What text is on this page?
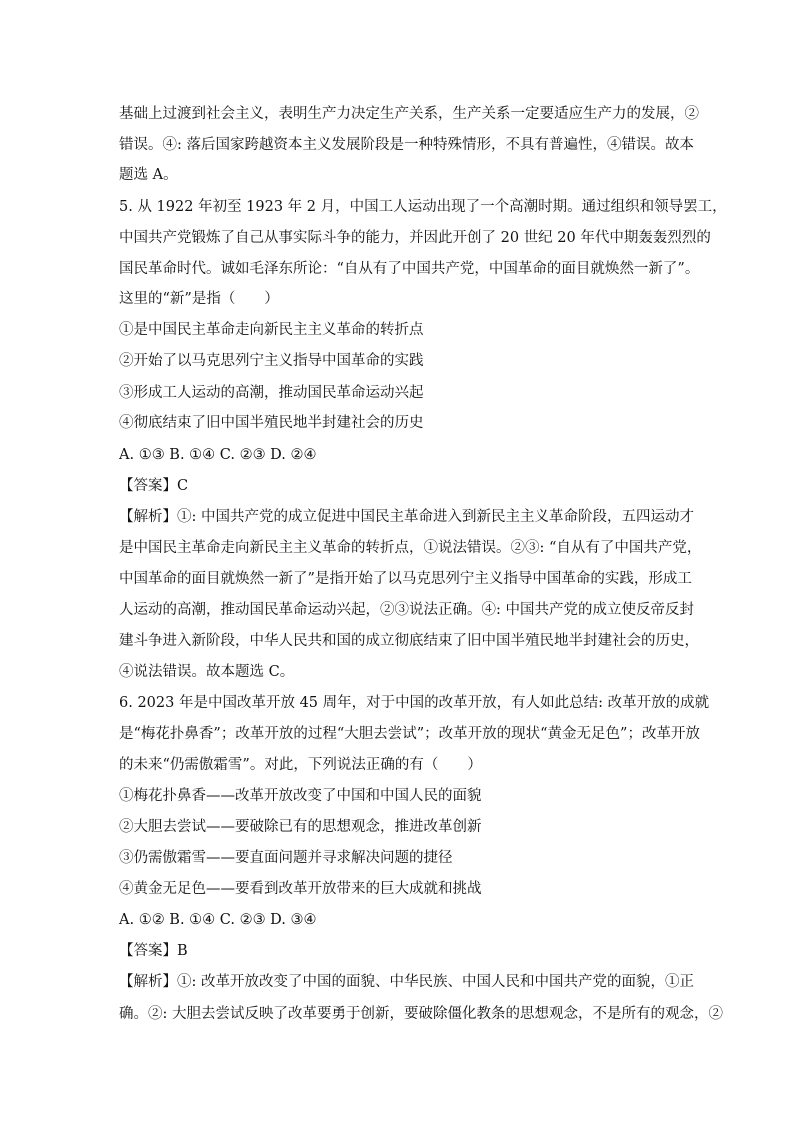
基础上过渡到社会主义，表明生产力决定生产关系，生产关系一定要适应生产力的发展，②
错误。④: 落后国家跨越资本主义发展阶段是一种特殊情形，不具有普遍性，④错误。故本
题选 A。
5. 从 1922 年初至 1923 年 2 月，中国工人运动出现了一个高潮时期。通过组织和领导罢工，
中国共产党锻炼了自己从事实际斗争的能力，并因此开创了 20 世纪 20 年代中期轰轰烈烈的
国民革命时代。诚如毛泽东所论：“自从有了中国共产党，中国革命的面目就焕然一新了”。
这里的“新”是指（　　）
①是中国民主革命走向新民主主义革命的转折点
②开始了以马克思列宁主义指导中国革命的实践
③形成工人运动的高潮，推动国民革命运动兴起
④彻底结束了旧中国半殖民地半封建社会的历史
A. ①③ B. ①④ C. ②③ D. ②④
【答案】C
【解析】①: 中国共产党的成立促进中国民主革命进入到新民主主义革命阶段，五四运动才
是中国民主革命走向新民主主义革命的转折点，①说法错误。②③: “自从有了中国共产党，
中国革命的面目就焕然一新了”是指开始了以马克思列宁主义指导中国革命的实践，形成工
人运动的高潮，推动国民革命运动兴起，②③说法正确。④: 中国共产党的成立使反帝反封
建斗争进入新阶段，中华人民共和国的成立彻底结束了旧中国半殖民地半封建社会的历史，
④说法错误。故本题选 C。
6. 2023 年是中国改革开放 45 周年，对于中国的改革开放，有人如此总结: 改革开放的成就
是“梅花扑鼻香”；改革开放的过程“大胆去尝试”；改革开放的现状“黄金无足色”；改革开放
的未来“仍需傲霜雪”。对此，下列说法正确的有（　　）
①梅花扑鼻香——改革开放改变了中国和中国人民的面貌
②大胆去尝试——要破除已有的思想观念，推进改革创新
③仍需傲霜雪——要直面问题并寻求解决问题的捷径
④黄金无足色——要看到改革开放带来的巨大成就和挑战
A. ①② B. ①④ C. ②③ D. ③④
【答案】B
【解析】①: 改革开放改变了中国的面貌、中华民族、中国人民和中国共产党的面貌，①正
确。②: 大胆去尝试反映了改革要勇于创新，要破除僵化教条的思想观念，不是所有的观念，②
